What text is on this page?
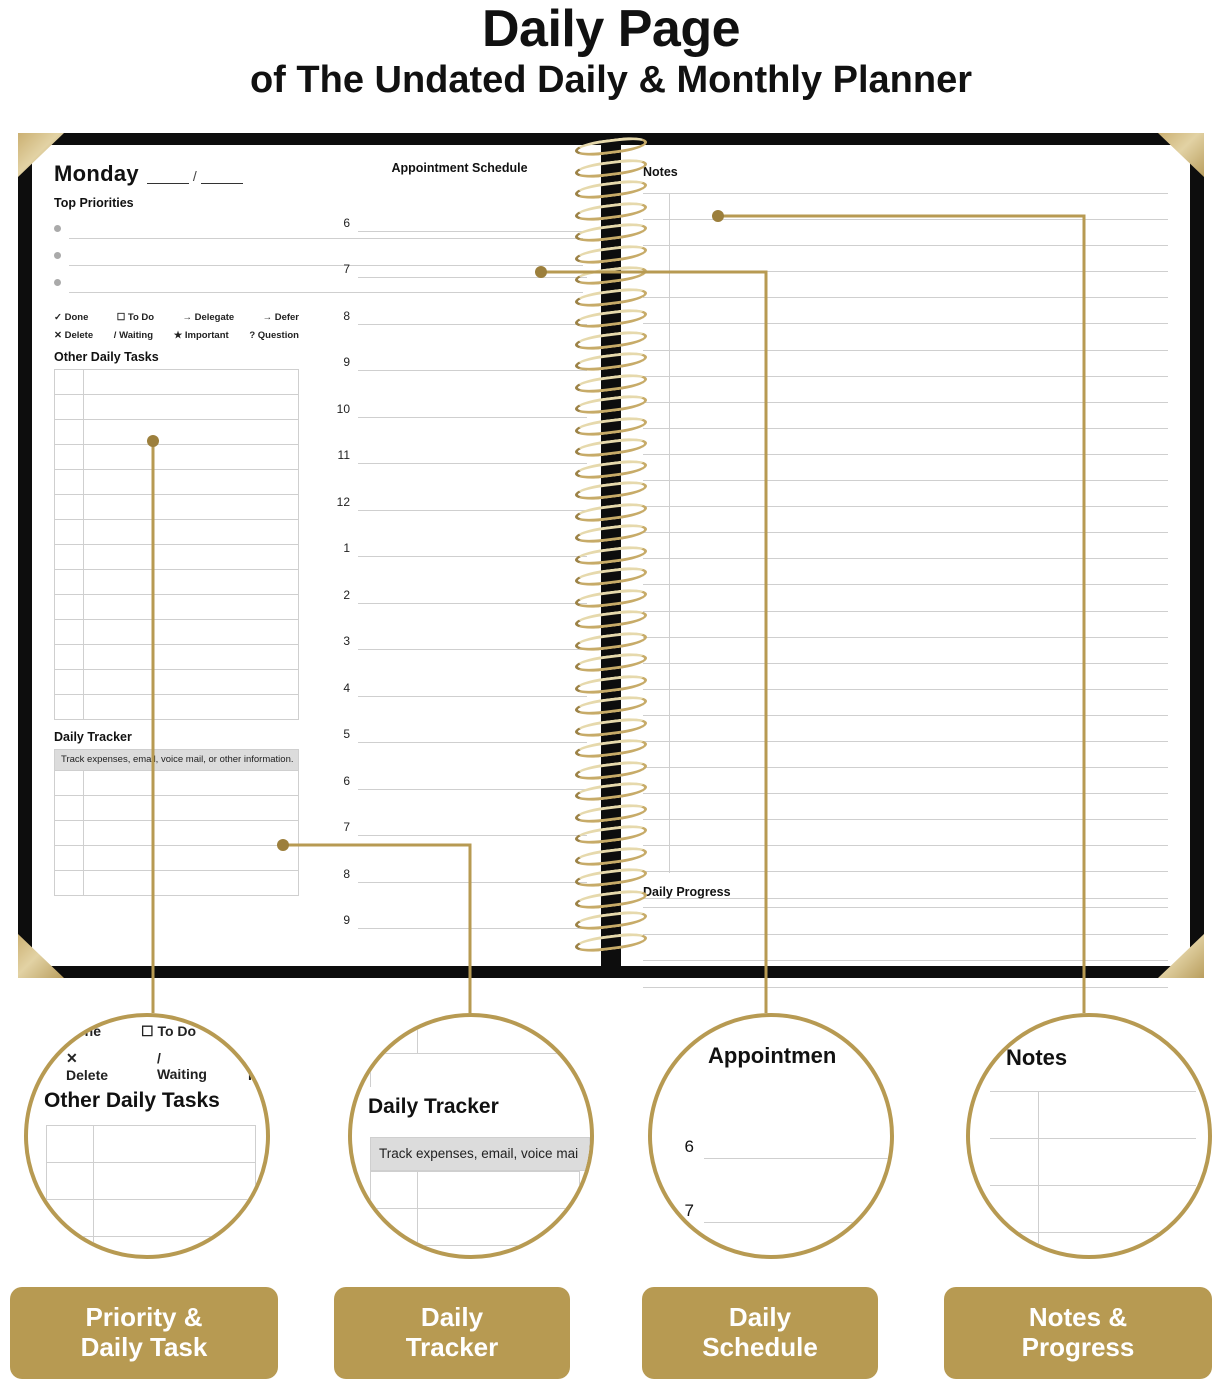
Daily Page
of The Undated Daily & Monthly Planner
Monday	/
Top Priorities
✓ Done	☐ To Do	→ Delegate	→ Defer
✕ Delete / Waiting ★ Important ? Question
Other Daily Tasks
Daily Tracker
Track expenses, email, voice mail, or other information.
Appointment Schedule
6
7
8
9
10
11
12
1
2
3
4
5
6
7
8
9
Notes
Daily Progress
Done	☐ To Do
✕ Delete
/ Waiting
★ I
Other Daily Tasks	Daily Tracker
Track expenses, email, voice mai
Appointmen
6
7
Notes
Priority &
Daily Task
Daily
Tracker
Daily
Schedule
Notes &
Progress
